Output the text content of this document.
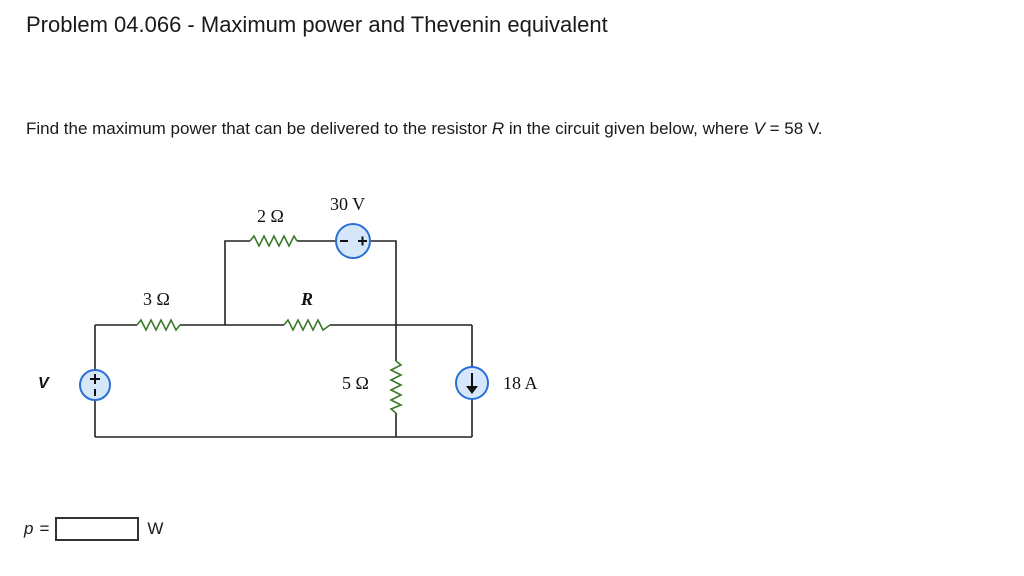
Problem 04.066 - Maximum power and Thevenin equivalent
Find the maximum power that can be delivered to the resistor R in the circuit given below, where V = 58 V.
2 Ω
30 V
3 Ω	R
V	5 Ω	18 A
p =	W
